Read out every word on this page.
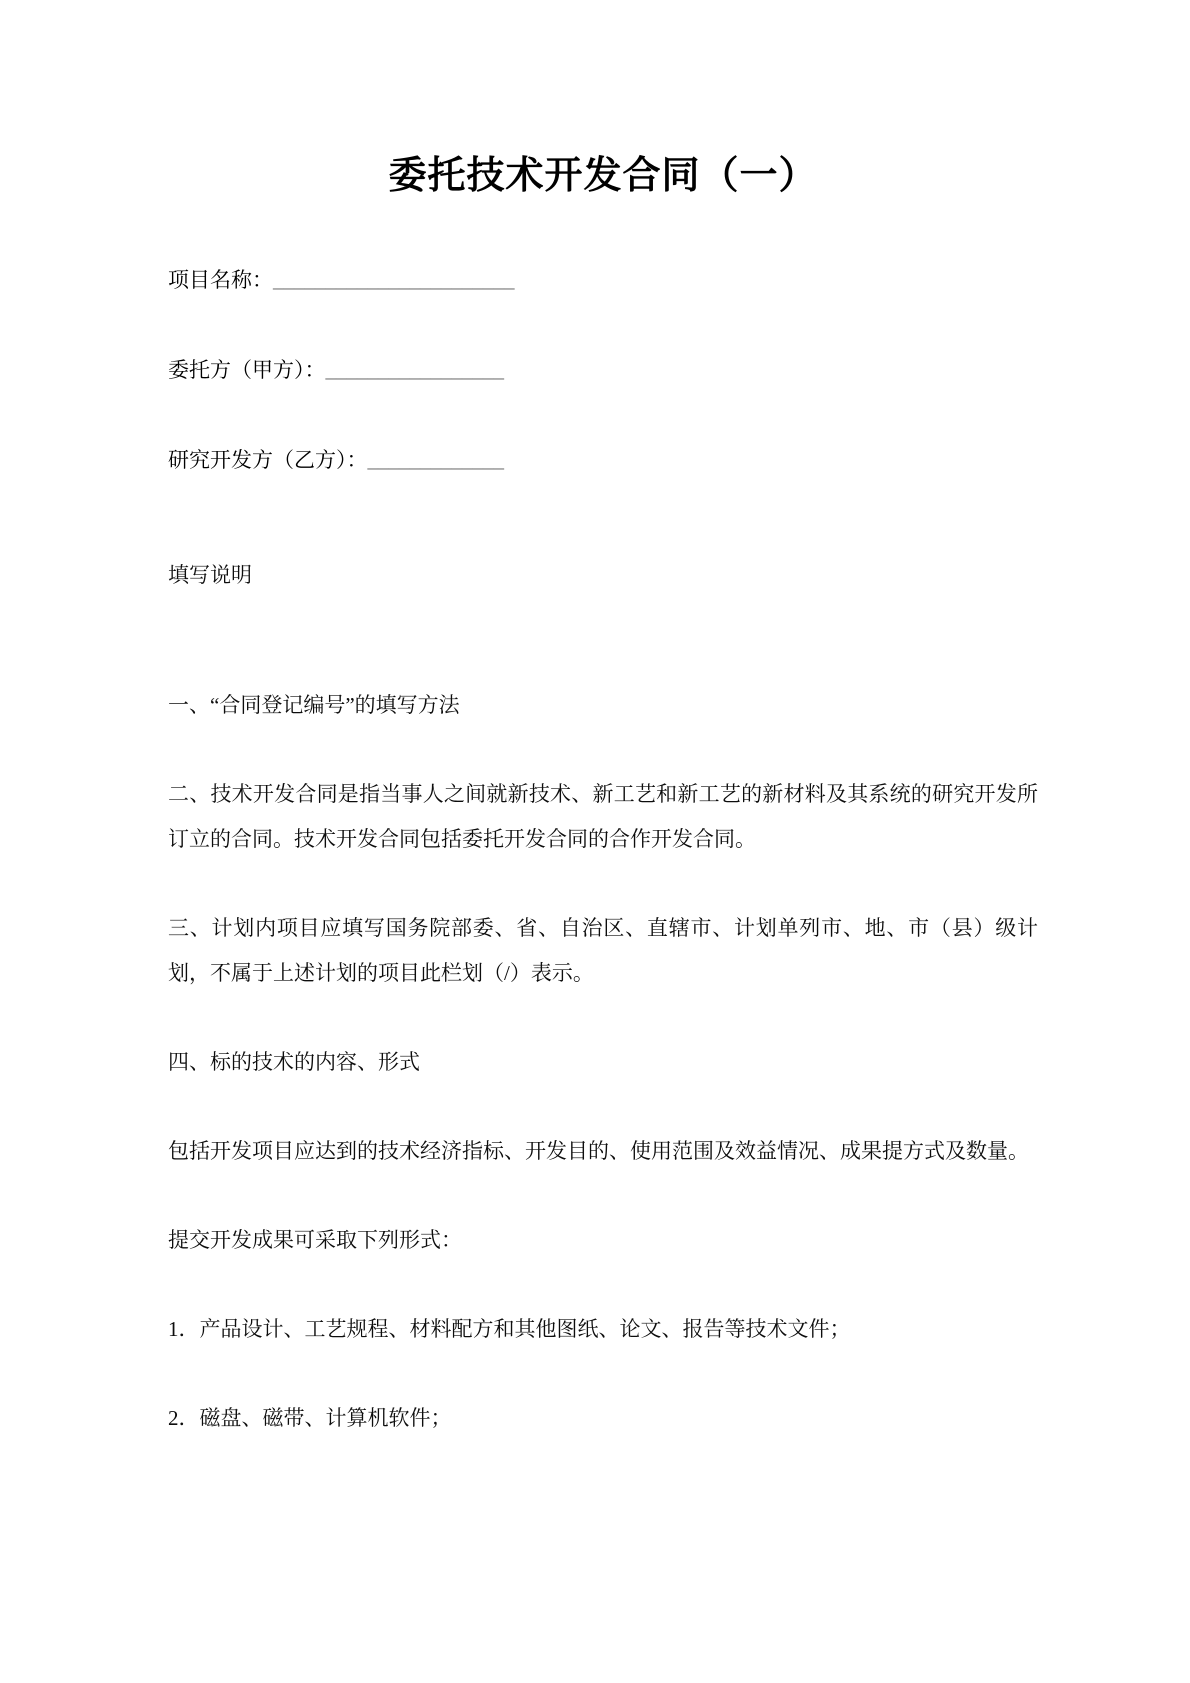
委托技术开发合同（一）
项目名称：_______________________
委托方（甲方）：_________________
研究开发方（乙方）：_____________

填写说明

一、“合同登记编号”的填写方法

二、技术开发合同是指当事人之间就新技术、新工艺和新工艺的新材料及其系统的研究开发所订立的合同。技术开发合同包括委托开发合同的合作开发合同。

三、计划内项目应填写国务院部委、省、自治区、直辖市、计划单列市、地、市（县）级计划，不属于上述计划的项目此栏划（/）表示。

四、标的技术的内容、形式

包括开发项目应达到的技术经济指标、开发目的、使用范围及效益情况、成果提方式及数量。

提交开发成果可采取下列形式：

1．产品设计、工艺规程、材料配方和其他图纸、论文、报告等技术文件；

2．磁盘、磁带、计算机软件；
